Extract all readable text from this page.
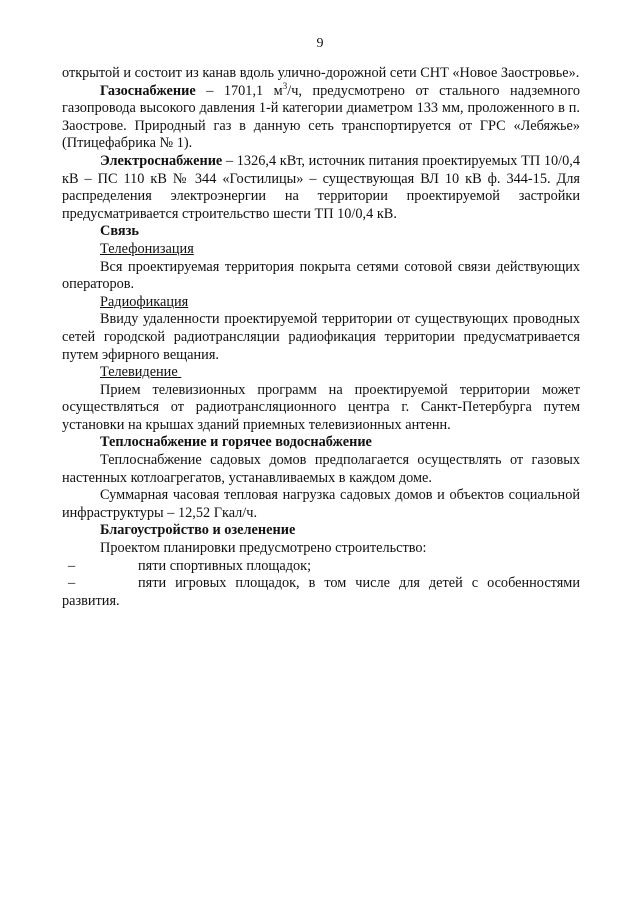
9

открытой и состоит из канав вдоль улично-дорожной сети СНТ «Новое Заостровье».

Газоснабжение – 1701,1 $м^3/ч$, предусмотрено от стального надземного газопровода высокого давления 1-й категории диаметром 133 мм, проложенного в п. Заострове. Природный газ в данную сеть транспортируется от ГРС «Лебяжье» (Птицефабрика № 1).

Электроснабжение – 1326,4 кВт, источник питания проектируемых ТП 10/0,4 кВ – ПС 110 кВ № 344 «Гостилицы» – существующая ВЛ 10 кВ ф. 344-15. Для распределения электроэнергии на территории проектируемой застройки предусматривается строительство шести ТП 10/0,4 кВ.

Связь

Телефонизация

Вся проектируемая территория покрыта сетями сотовой связи действующих операторов.

Радиофикация

Ввиду удаленности проектируемой территории от существующих проводных сетей городской радиотрансляции радиофикация территории предусматривается путем эфирного вещания.

Телевидение

Прием телевизионных программ на проектируемой территории может осуществляться от радиотрансляционного центра г. Санкт-Петербурга путем установки на крышах зданий приемных телевизионных антенн.

Теплоснабжение и горячее водоснабжение

Теплоснабжение садовых домов предполагается осуществлять от газовых настенных котлоагрегатов, устанавливаемых в каждом доме.

Суммарная часовая тепловая нагрузка садовых домов и объектов социальной инфраструктуры – 12,52 Гкал/ч.

Благоустройство и озеленение

Проектом планировки предусмотрено строительство:

–	пяти спортивных площадок;

–	пяти игровых площадок, в том числе для детей с особенностями развития.
